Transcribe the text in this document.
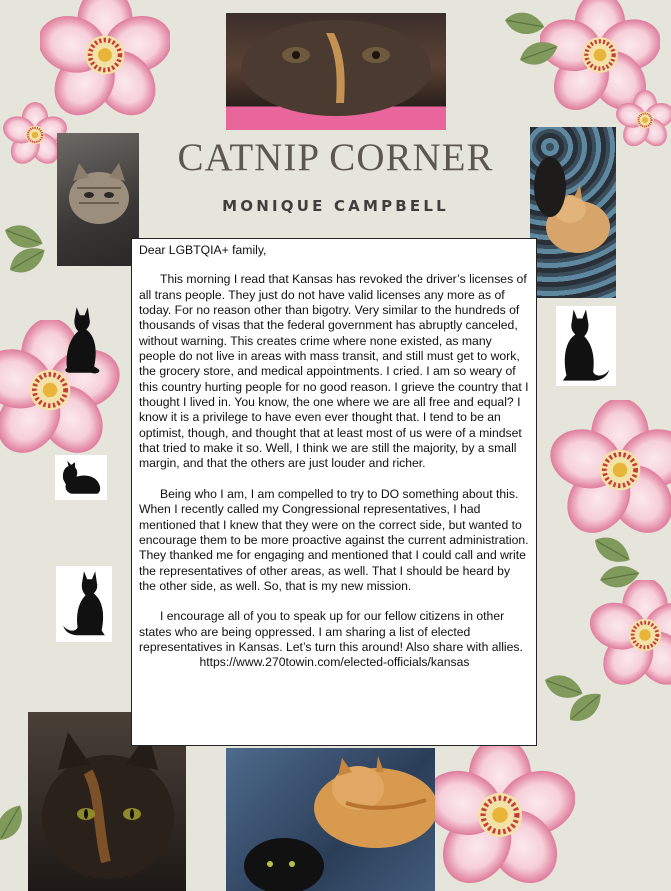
CATNIP CORNER
MONIQUE CAMPBELL

Dear LGBTQIA+ family,

This morning I read that Kansas has revoked the driver’s licenses of all trans people. They just do not have valid licenses any more as of today. For no reason other than bigotry. Very similar to the hundreds of thousands of visas that the federal government has abruptly canceled, without warning. This creates crime where none existed, as many people do not live in areas with mass transit, and still must get to work, the grocery store, and medical appointments. I cried. I am so weary of this country hurting people for no good reason. I grieve the country that I thought I lived in. You know, the one where we are all free and equal? I know it is a privilege to have even ever thought that. I tend to be an optimist, though, and thought that at least most of us were of a mindset that tried to make it so. Well, I think we are still the majority, by a small margin, and that the others are just louder and richer.

Being who I am, I am compelled to try to DO something about this. When I recently called my Congressional representatives, I had mentioned that I knew that they were on the correct side, but wanted to encourage them to be more proactive against the current administration. They thanked me for engaging and mentioned that I could call and write the representatives of other areas, as well. That I should be heard by the other side, as well. So, that is my new mission.

I encourage all of you to speak up for our fellow citizens in other states who are being oppressed. I am sharing a list of elected representatives in Kansas. Let’s turn this around! Also share with allies.

https://www.270towin.com/elected-officials/kansas
